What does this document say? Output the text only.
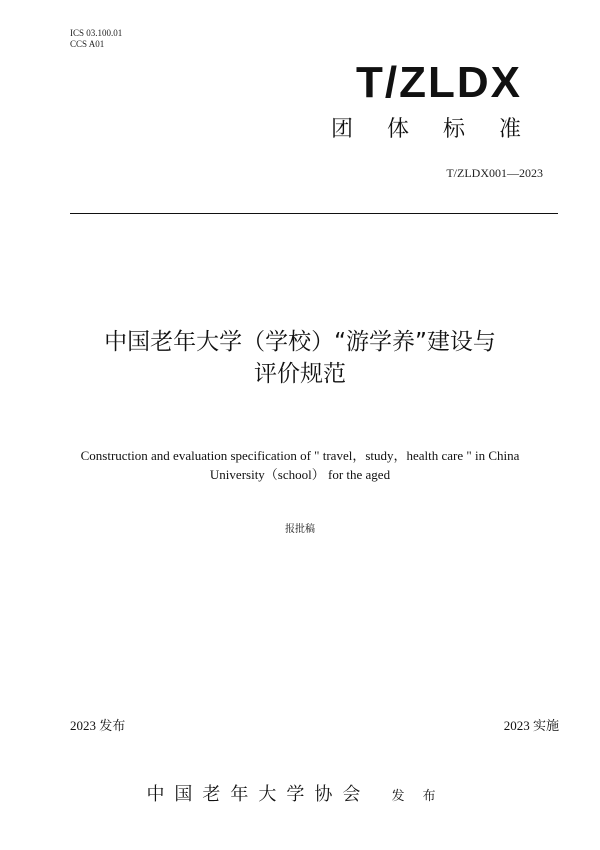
ICS 03.100.01
CCS A01
T/ZLDX
团体标准
T/ZLDX001—2023
中国老年大学（学校）“游学养”建设与
评价规范
Construction and evaluation specification of " travel，study，health care " in China
University（school） for the aged
报批稿
2023 发布	2023 实施
中国老年大学协会 发布
